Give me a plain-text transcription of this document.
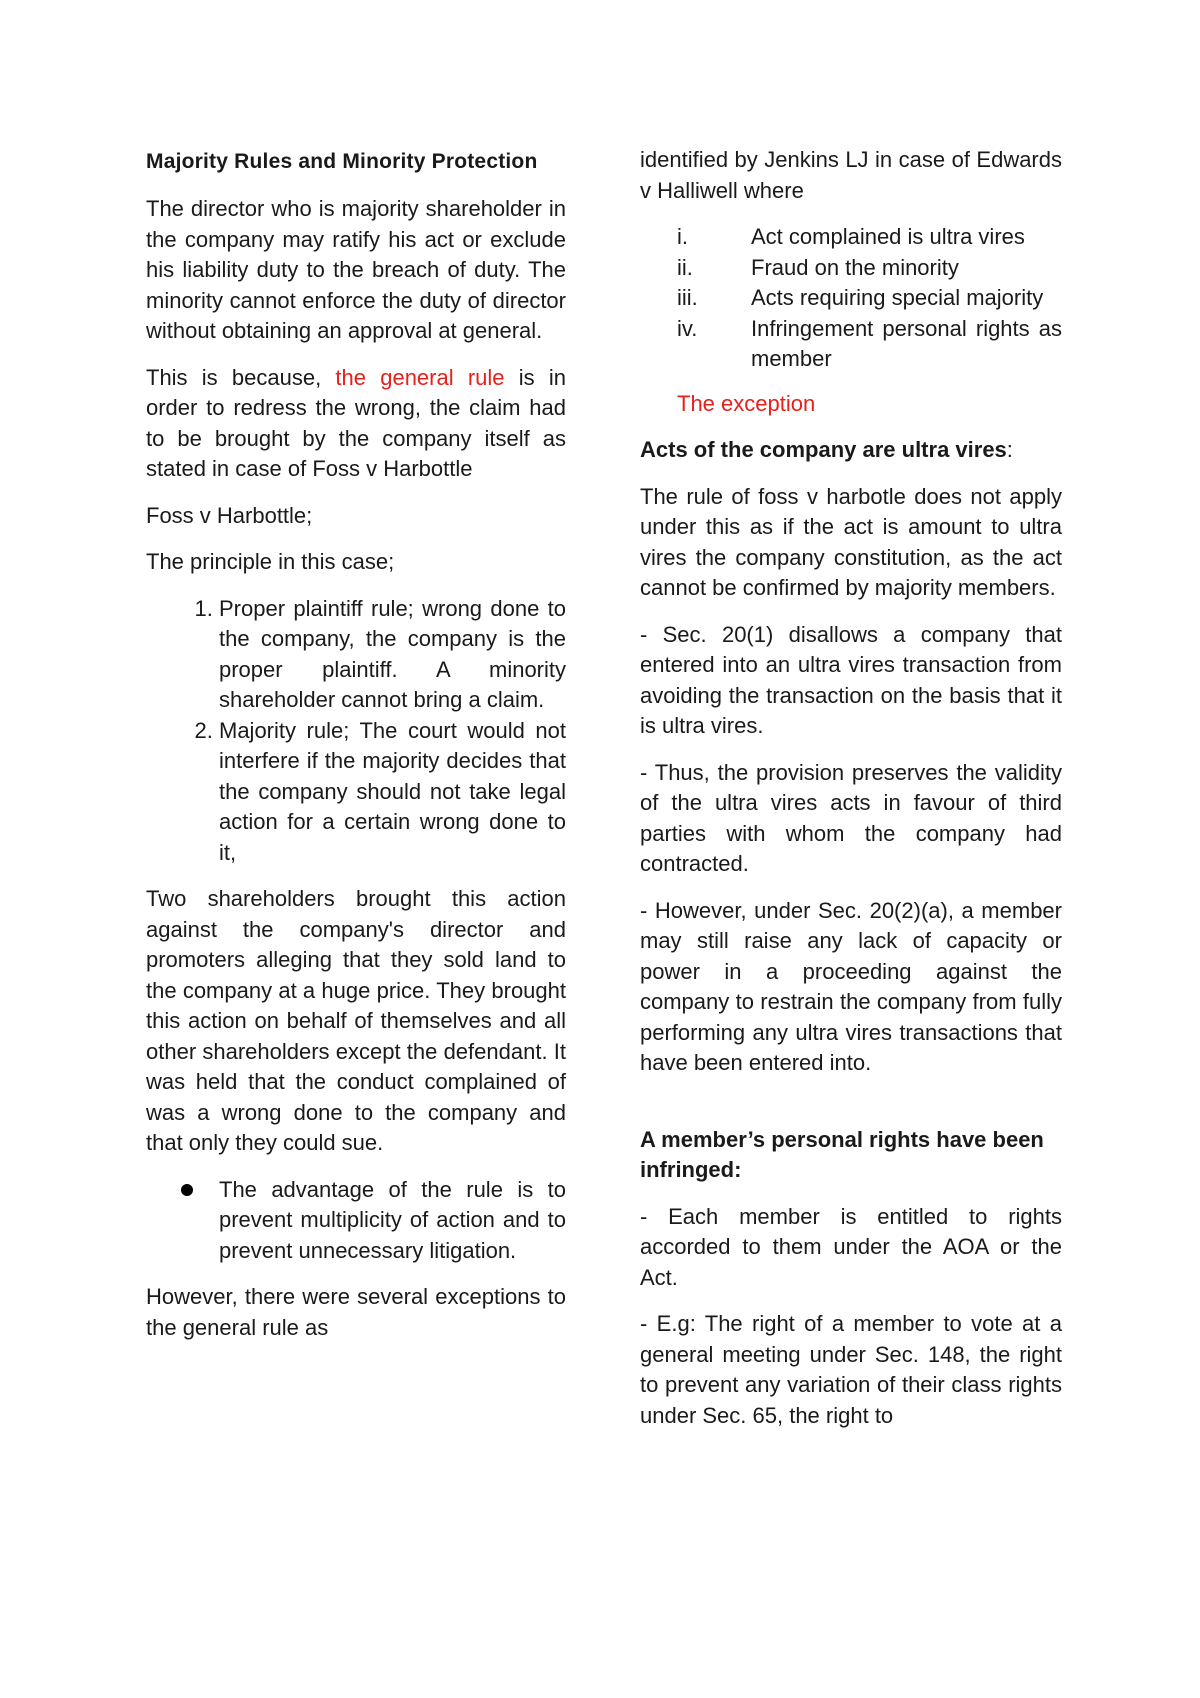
Majority Rules and Minority Protection

The director who is majority shareholder in the company may ratify his act or exclude his liability duty to the breach of duty. The minority cannot enforce the duty of director without obtaining an approval at general.

This is because, the general rule is in order to redress the wrong, the claim had to be brought by the company itself as stated in case of Foss v Harbottle

Foss v Harbottle;

The principle in this case;

1. Proper plaintiff rule; wrong done to the company, the company is the proper plaintiff. A minority shareholder cannot bring a claim.
2. Majority rule; The court would not interfere if the majority decides that the company should not take legal action for a certain wrong done to it,

Two shareholders brought this action against the company's director and promoters alleging that they sold land to the company at a huge price. They brought this action on behalf of themselves and all other shareholders except the defendant. It was held that the conduct complained of was a wrong done to the company and that only they could sue.

The advantage of the rule is to prevent multiplicity of action and to prevent unnecessary litigation.

However, there were several exceptions to the general rule as

identified by Jenkins LJ in case of Edwards v Halliwell where

i.	Act complained is ultra vires
ii.	Fraud on the minority
iii. Acts requiring special majority
iv. Infringement personal rights as member

The exception

Acts of the company are ultra vires:

The rule of foss v harbotle does not apply under this as if the act is amount to ultra vires the company constitution, as the act cannot be confirmed by majority members.

- Sec. 20(1) disallows a company that entered into an ultra vires transaction from avoiding the transaction on the basis that it is ultra vires.

- Thus, the provision preserves the validity of the ultra vires acts in favour of third parties with whom the company had contracted.

- However, under Sec. 20(2)(a), a member may still raise any lack of capacity or power in a proceeding against the company to restrain the company from fully performing any ultra vires transactions that have been entered into.

A member’s personal rights have been infringed:

- Each member is entitled to rights accorded to them under the AOA or the Act.

- E.g: The right of a member to vote at a general meeting under Sec. 148, the right to prevent any variation of their class rights under Sec. 65, the right to
